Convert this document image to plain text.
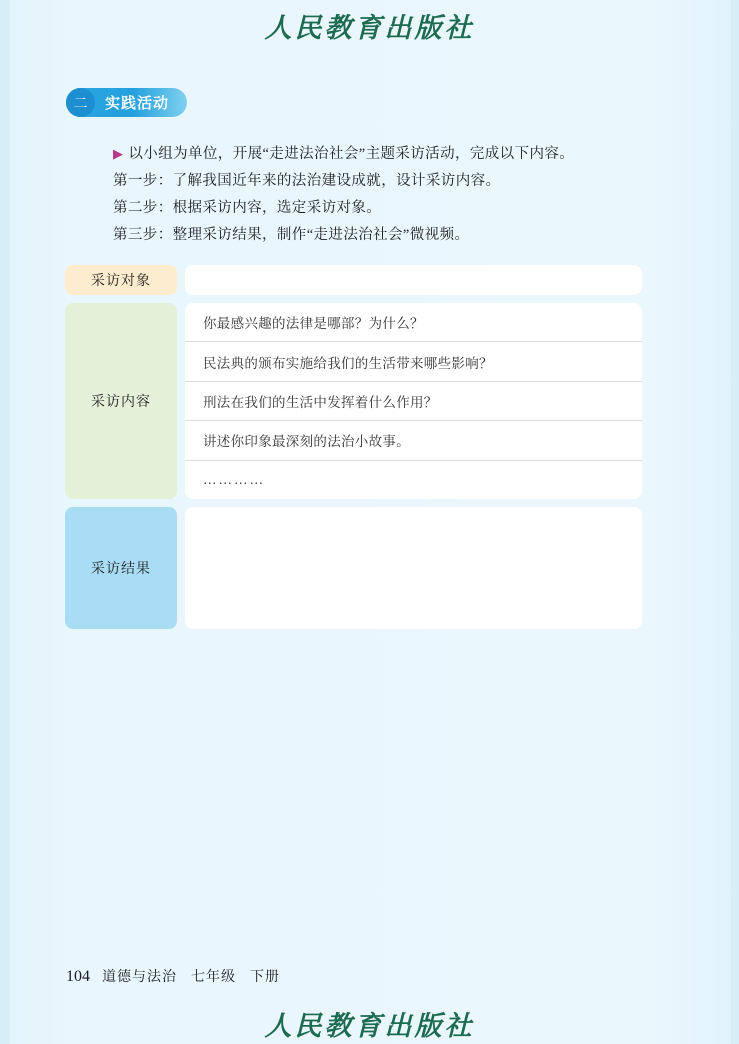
人民教育出版社
二	实践活动
▶ 以小组为单位，开展“走进法治社会”主题采访活动，完成以下内容。
第一步：了解我国近年来的法治建设成就，设计采访内容。
第二步：根据采访内容，选定采访对象。
第三步：整理采访结果，制作“走进法治社会”微视频。
采访对象
采访内容
你最感兴趣的法律是哪部？为什么？
民法典的颁布实施给我们的生活带来哪些影响？
刑法在我们的生活中发挥着什么作用？
讲述你印象最深刻的法治小故事。
…………
采访结果
104 道德与法治 七年级 下册
人民教育出版社
